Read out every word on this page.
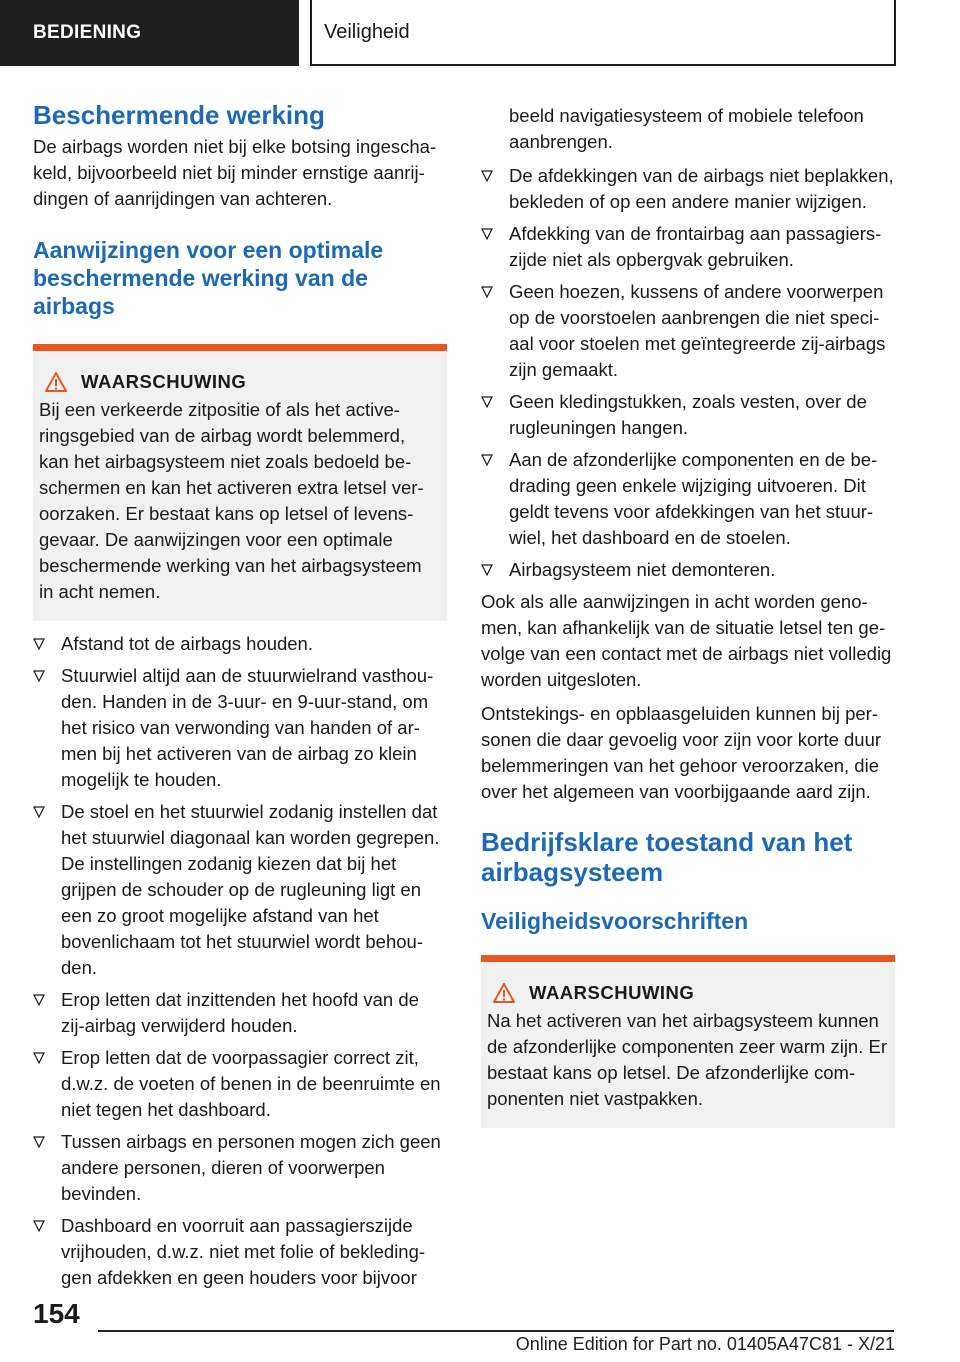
BEDIENING	Veiligheid
Beschermende werking

De airbags worden niet bij elke botsing ingeschakeld, bijvoorbeeld niet bij minder ernstige aanrijdingen of aanrijdingen van achteren.

Aanwijzingen voor een optimale beschermende werking van de airbags
WAARSCHUWING

Bij een verkeerde zitpositie of als het activeringsgebied van de airbag wordt belemmerd, kan het airbagsysteem niet zoals bedoeld beschermen en kan het activeren extra letsel veroorzaken. Er bestaat kans op letsel of levensgevaar. De aanwijzingen voor een optimale beschermende werking van het airbagsysteem in acht nemen.

Afstand tot de airbags houden.
Stuurwiel altijd aan de stuurwielrand vasthouden. Handen in de 3-uur- en 9-uur-stand, om het risico van verwonding van handen of armen bij het activeren van de airbag zo klein mogelijk te houden.
De stoel en het stuurwiel zodanig instellen dat het stuurwiel diagonaal kan worden gegrepen. De instellingen zodanig kiezen dat bij het grijpen de schouder op de rugleuning ligt en een zo groot mogelijke afstand van het bovenlichaam tot het stuurwiel wordt behouden.
Erop letten dat inzittenden het hoofd van de zij-airbag verwijderd houden.
Erop letten dat de voorpassagier correct zit, d.w.z. de voeten of benen in de beenruimte en niet tegen het dashboard.
Tussen airbags en personen mogen zich geen andere personen, dieren of voorwerpen bevinden.
Dashboard en voorruit aan passagierszijde vrijhouden, d.w.z. niet met folie of bekledinggen afdekken en geen houders voor bijvoor

beeld navigatiesysteem of mobiele telefoon aanbrengen.

De afdekkingen van de airbags niet beplakken, bekleden of op een andere manier wijzigen.
Afdekking van de frontairbag aan passagierszijde niet als opbergvak gebruiken.
Geen hoezen, kussens of andere voorwerpen op de voorstoelen aanbrengen die niet speciaal voor stoelen met geïntegreerde zij-airbags zijn gemaakt.
Geen kledingstukken, zoals vesten, over de rugleuningen hangen.
Aan de afzonderlijke componenten en de bedrading geen enkele wijziging uitvoeren. Dit geldt tevens voor afdekkingen van het stuurwiel, het dashboard en de stoelen.
Airbagsysteem niet demonteren.

Ook als alle aanwijzingen in acht worden genomen, kan afhankelijk van de situatie letsel ten gevolge van een contact met de airbags niet volledig worden uitgesloten.

Ontstekings- en opblaasgeluiden kunnen bij personen die daar gevoelig voor zijn voor korte duur belemmeringen van het gehoor veroorzaken, die over het algemeen van voorbijgaande aard zijn.

Bedrijfsklare toestand van het airbagsysteem
Veiligheidsvoorschriften
WAARSCHUWING

Na het activeren van het airbagsysteem kunnen de afzonderlijke componenten zeer warm zijn. Er bestaat kans op letsel. De afzonderlijke componenten niet vastpakken.

154
Online Edition for Part no. 01405A47C81 - X/21
